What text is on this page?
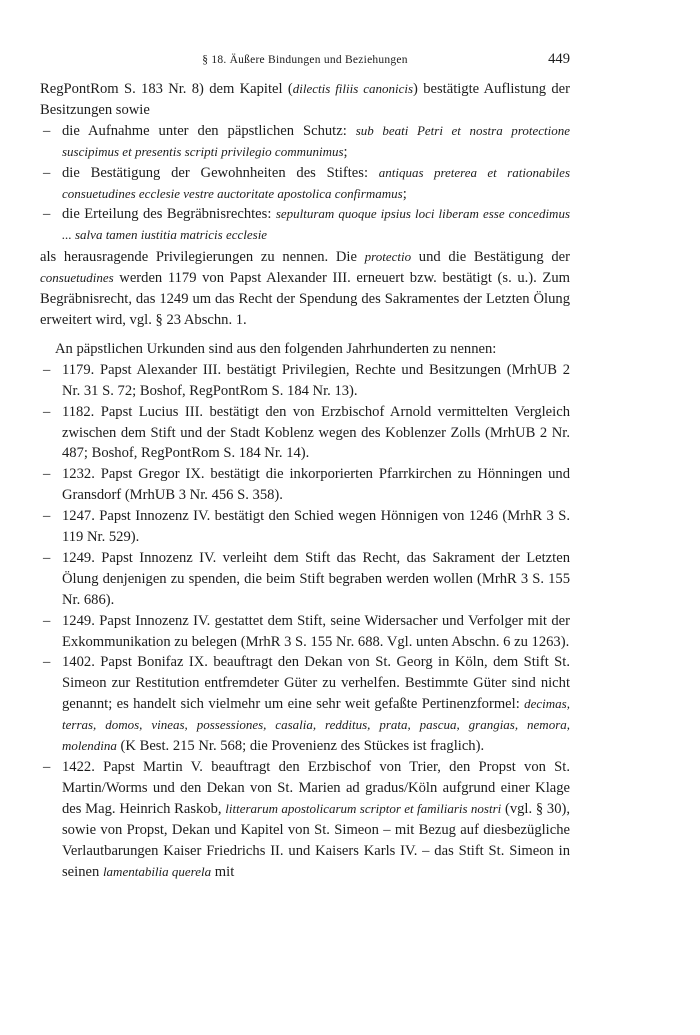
§ 18. Äußere Bindungen und Beziehungen	449

RegPontRom S. 183 Nr. 8) dem Kapitel (dilectis filiis canonicis) bestätigte Auflistung der Besitzungen sowie

– die Aufnahme unter den päpstlichen Schutz: sub beati Petri et nostra protectione suscipimus et presentis scripti privilegio communimus;
– die Bestätigung der Gewohnheiten des Stiftes: antiquas preterea et rationabiles consuetudines ecclesie vestre auctoritate apostolica confirmamus;
– die Erteilung des Begräbnisrechtes: sepulturam quoque ipsius loci liberam esse concedimus ... salva tamen iustitia matricis ecclesie

als herausragende Privilegierungen zu nennen. Die protectio und die Bestätigung der consuetudines werden 1179 von Papst Alexander III. erneuert bzw. bestätigt (s. u.). Zum Begräbnisrecht, das 1249 um das Recht der Spendung des Sakramentes der Letzten Ölung erweitert wird, vgl. § 23 Abschn. 1.

An päpstlichen Urkunden sind aus den folgenden Jahrhunderten zu nennen:

– 1179. Papst Alexander III. bestätigt Privilegien, Rechte und Besitzungen (MrhUB 2 Nr. 31 S. 72; Boshof, RegPontRom S. 184 Nr. 13).
– 1182. Papst Lucius III. bestätigt den von Erzbischof Arnold vermittelten Vergleich zwischen dem Stift und der Stadt Koblenz wegen des Koblenzer Zolls (MrhUB 2 Nr. 487; Boshof, RegPontRom S. 184 Nr. 14).
– 1232. Papst Gregor IX. bestätigt die inkorporierten Pfarrkirchen zu Hönningen und Gransdorf (MrhUB 3 Nr. 456 S. 358).
– 1247. Papst Innozenz IV. bestätigt den Schied wegen Hönnigen von 1246 (MrhR 3 S. 119 Nr. 529).
– 1249. Papst Innozenz IV. verleiht dem Stift das Recht, das Sakrament der Letzten Ölung denjenigen zu spenden, die beim Stift begraben werden wollen (MrhR 3 S. 155 Nr. 686).
– 1249. Papst Innozenz IV. gestattet dem Stift, seine Widersacher und Verfolger mit der Exkommunikation zu belegen (MrhR 3 S. 155 Nr. 688. Vgl. unten Abschn. 6 zu 1263).
– 1402. Papst Bonifaz IX. beauftragt den Dekan von St. Georg in Köln, dem Stift St. Simeon zur Restitution entfremdeter Güter zu verhelfen. Bestimmte Güter sind nicht genannt; es handelt sich vielmehr um eine sehr weit gefaßte Pertinenzformel: decimas, terras, domos, vineas, possessiones, casalia, redditus, prata, pascua, grangias, nemora, molendina (K Best. 215 Nr. 568; die Provenienz des Stückes ist fraglich).
– 1422. Papst Martin V. beauftragt den Erzbischof von Trier, den Propst von St. Martin/Worms und den Dekan von St. Marien ad gradus/Köln aufgrund einer Klage des Mag. Heinrich Raskob, litterarum apostolicarum scriptor et familiaris nostri (vgl. § 30), sowie von Propst, Dekan und Kapitel von St. Simeon – mit Bezug auf diesbezügliche Verlautbarungen Kaiser Friedrichs II. und Kaisers Karls IV. – das Stift St. Simeon in seinen lamentabilia querela mit
